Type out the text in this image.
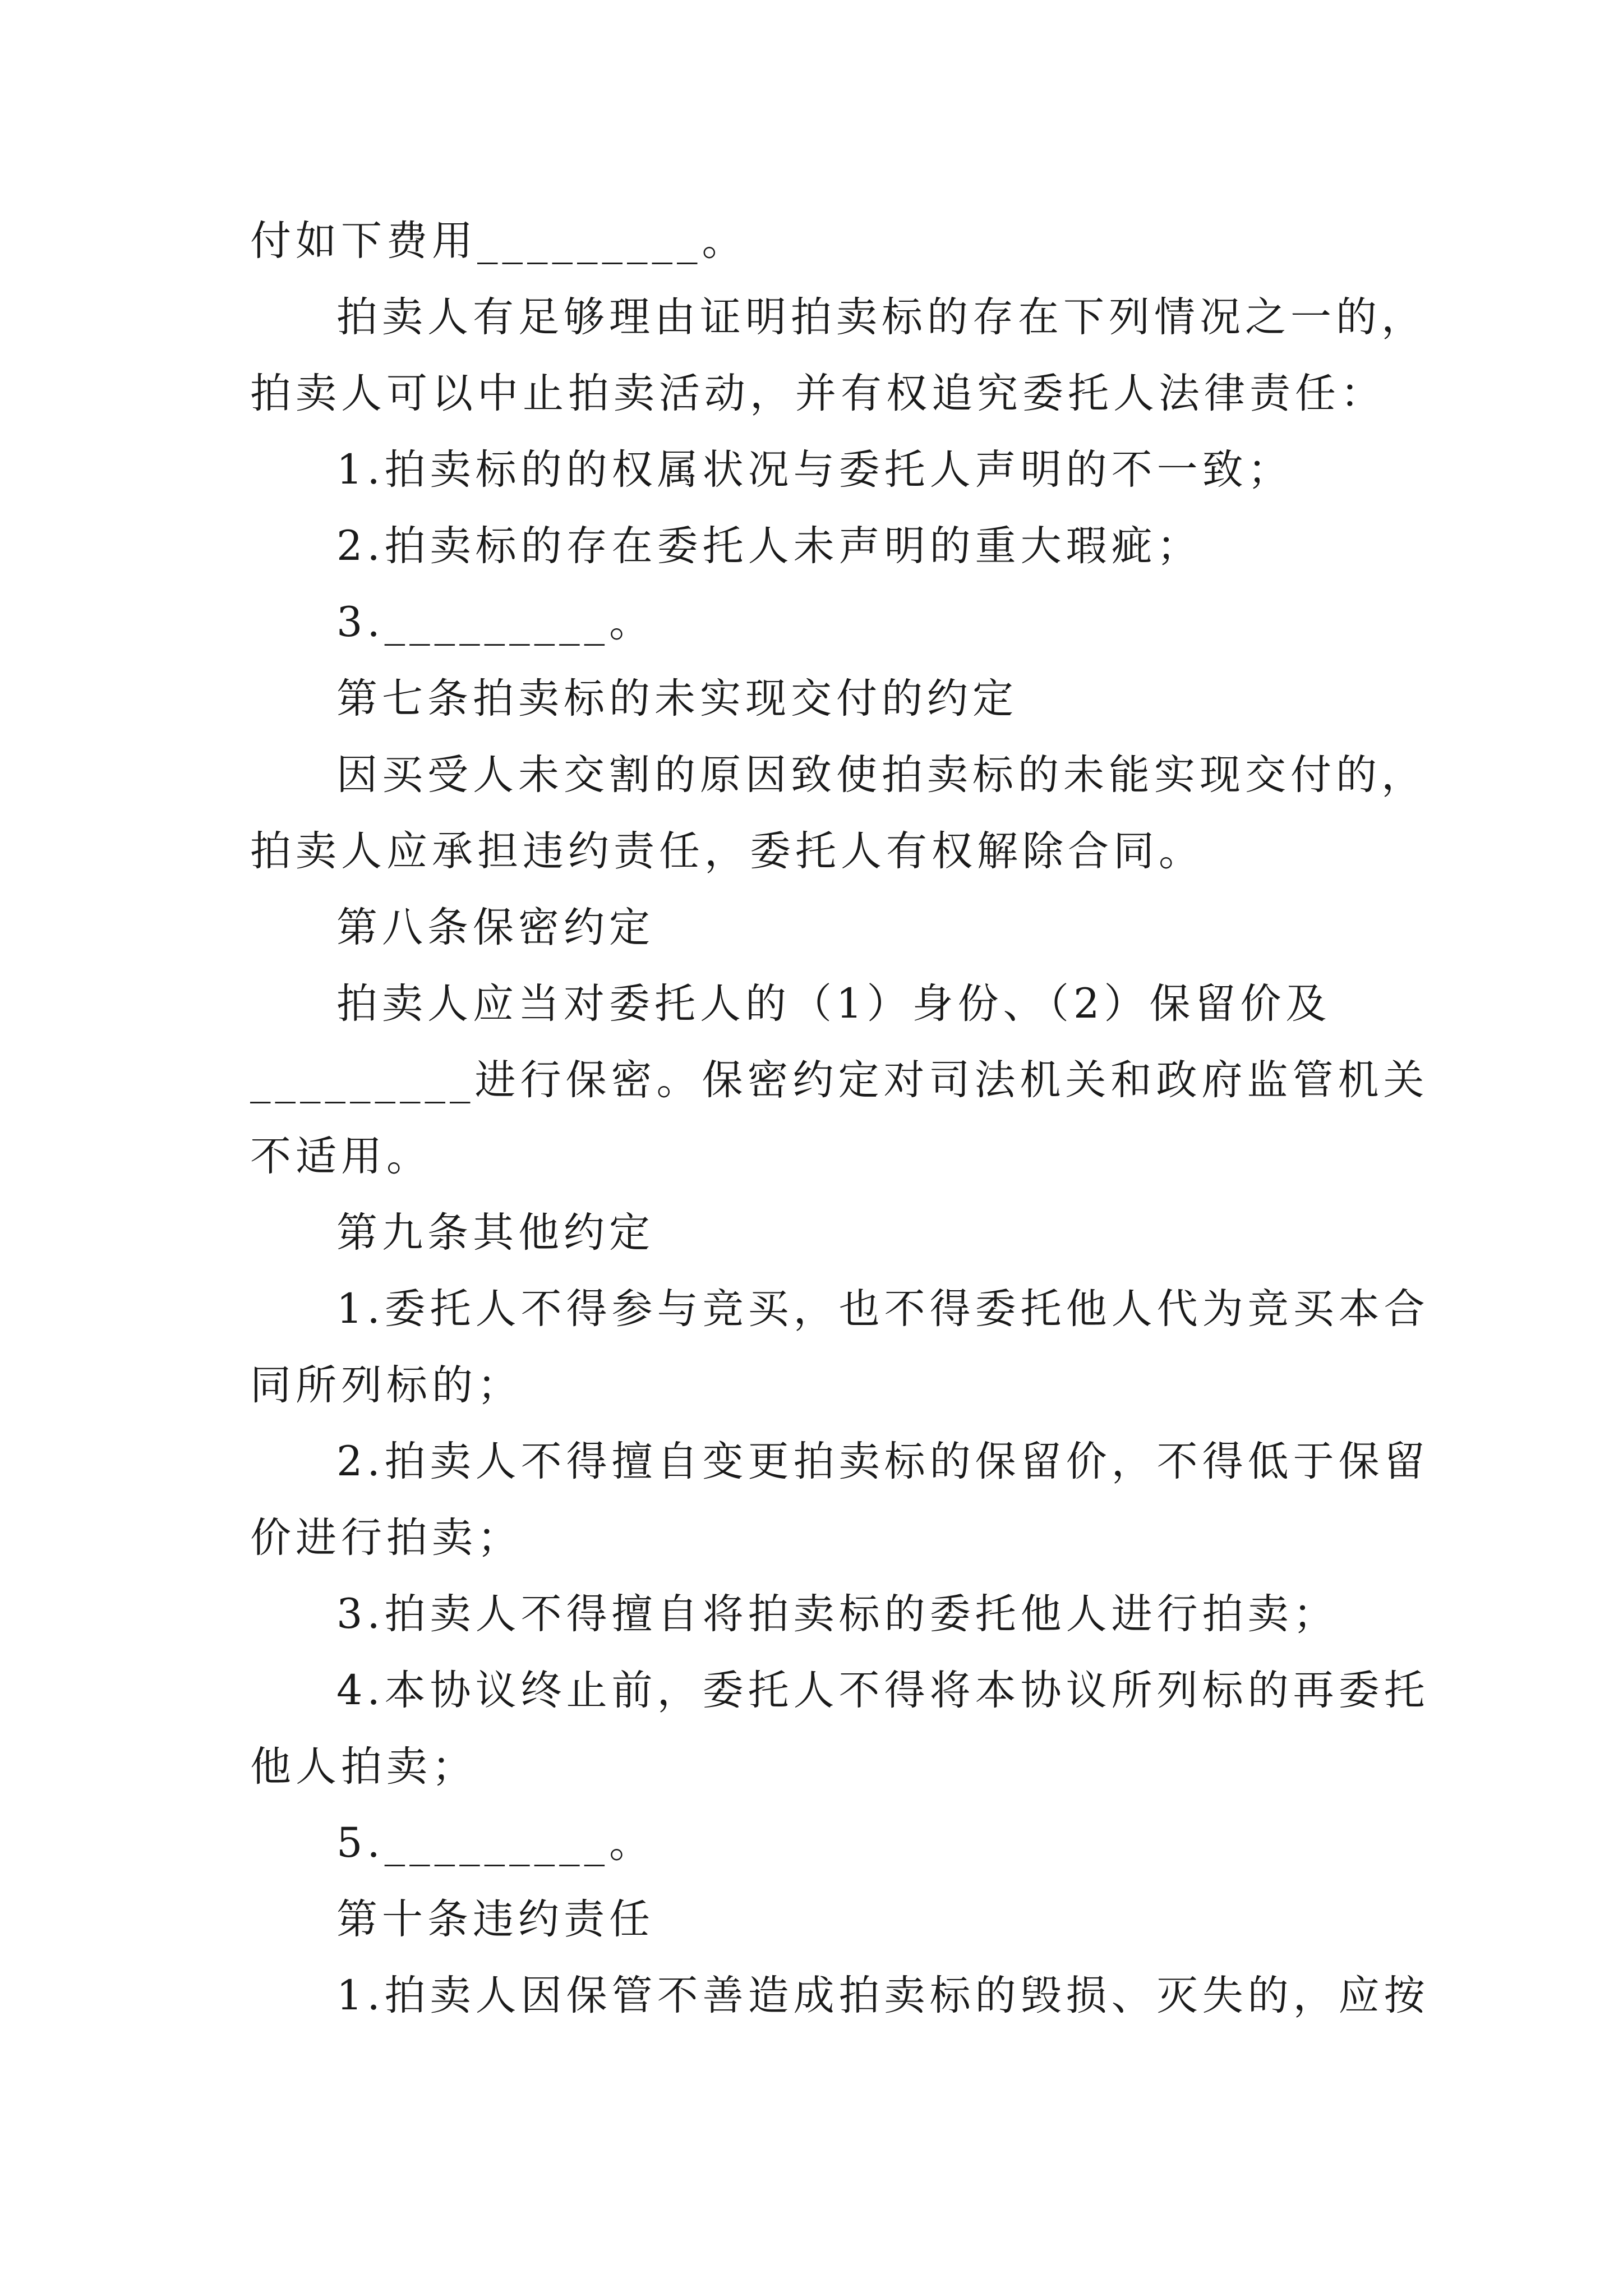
付如下费用_________。

拍卖人有足够理由证明拍卖标的存在下列情况之一的，

拍卖人可以中止拍卖活动，并有权追究委托人法律责任：

1.拍卖标的的权属状况与委托人声明的不一致；

2.拍卖标的存在委托人未声明的重大瑕疵；

3._________。

第七条拍卖标的未实现交付的约定

因买受人未交割的原因致使拍卖标的未能实现交付的，

拍卖人应承担违约责任，委托人有权解除合同。

第八条保密约定

拍卖人应当对委托人的（1）身份、（2）保留价及

_________进行保密。保密约定对司法机关和政府监管机关

不适用。

第九条其他约定

1.委托人不得参与竞买，也不得委托他人代为竞买本合

同所列标的；

2.拍卖人不得擅自变更拍卖标的保留价，不得低于保留

价进行拍卖；

3.拍卖人不得擅自将拍卖标的委托他人进行拍卖；

4.本协议终止前，委托人不得将本协议所列标的再委托

他人拍卖；

5._________。

第十条违约责任

1.拍卖人因保管不善造成拍卖标的毁损、灭失的，应按
